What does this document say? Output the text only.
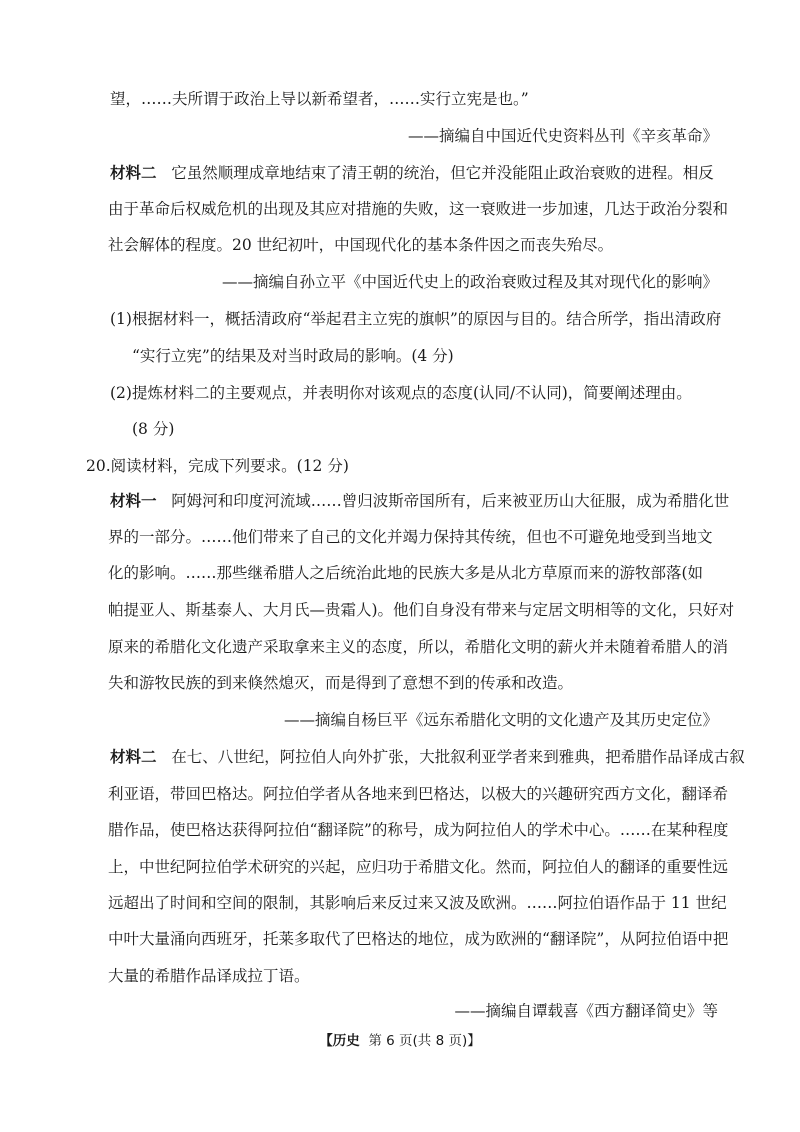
望，……夫所谓于政治上导以新希望者，……实行立宪是也。”
——摘编自中国近代史资料丛刊《辛亥革命》
材料二 它虽然顺理成章地结束了清王朝的统治，但它并没能阻止政治衰败的进程。相反
由于革命后权威危机的出现及其应对措施的失败，这一衰败进一步加速，几达于政治分裂和
社会解体的程度。20 世纪初叶，中国现代化的基本条件因之而丧失殆尽。
——摘编自孙立平《中国近代史上的政治衰败过程及其对现代化的影响》
(1)根据材料一，概括清政府“举起君主立宪的旗帜”的原因与目的。结合所学，指出清政府
“实行立宪”的结果及对当时政局的影响。(4 分)
(2)提炼材料二的主要观点，并表明你对该观点的态度(认同/不认同)，简要阐述理由。
(8 分)
20.阅读材料，完成下列要求。(12 分)
材料一 阿姆河和印度河流域……曾归波斯帝国所有，后来被亚历山大征服，成为希腊化世
界的一部分。……他们带来了自己的文化并竭力保持其传统，但也不可避免地受到当地文
化的影响。……那些继希腊人之后统治此地的民族大多是从北方草原而来的游牧部落(如
帕提亚人、斯基泰人、大月氏—贵霜人)。他们自身没有带来与定居文明相等的文化，只好对
原来的希腊化文化遗产采取拿来主义的态度，所以，希腊化文明的薪火并未随着希腊人的消
失和游牧民族的到来倏然熄灭，而是得到了意想不到的传承和改造。
——摘编自杨巨平《远东希腊化文明的文化遗产及其历史定位》
材料二 在七、八世纪，阿拉伯人向外扩张，大批叙利亚学者来到雅典，把希腊作品译成古叙
利亚语，带回巴格达。阿拉伯学者从各地来到巴格达，以极大的兴趣研究西方文化，翻译希
腊作品，使巴格达获得阿拉伯“翻译院”的称号，成为阿拉伯人的学术中心。……在某种程度
上，中世纪阿拉伯学术研究的兴起，应归功于希腊文化。然而，阿拉伯人的翻译的重要性远
远超出了时间和空间的限制，其影响后来反过来又波及欧洲。……阿拉伯语作品于 11 世纪
中叶大量涌向西班牙，托莱多取代了巴格达的地位，成为欧洲的“翻译院”，从阿拉伯语中把
大量的希腊作品译成拉丁语。
——摘编自谭载喜《西方翻译简史》等
【历史 第 6 页(共 8 页)】
